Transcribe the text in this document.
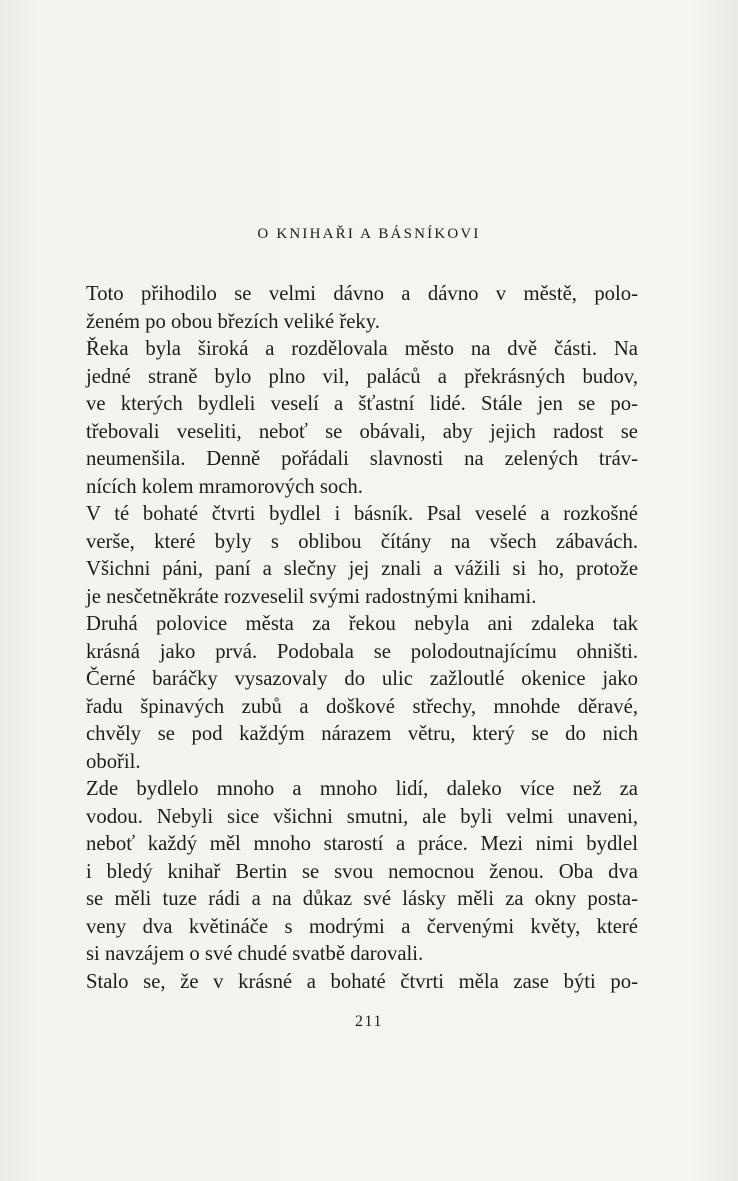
O KNIHAŘI A BÁSNÍKOVI
Toto přihodilo se velmi dávno a dávno v městě, polo-
ženém po obou březích veliké řeky.
Řeka byla široká a rozdělovala město na dvě části. Na
jedné straně bylo plno vil, paláců a překrásných budov,
ve kterých bydleli veselí a šťastní lidé. Stále jen se po-
třebovali veseliti, neboť se obávali, aby jejich radost se
neumenšila. Denně pořádali slavnosti na zelených tráv-
nících kolem mramorových soch.
V té bohaté čtvrti bydlel i básník. Psal veselé a rozkošné
verše, které byly s oblibou čítány na všech zábavách.
Všichni páni, paní a slečny jej znali a vážili si ho, protože
je nesčetněkráte rozveselil svými radostnými knihami.
Druhá polovice města za řekou nebyla ani zdaleka tak
krásná jako prvá. Podobala se polodoutnajícímu ohništi.
Černé baráčky vysazovaly do ulic zažloutlé okenice jako
řadu špinavých zubů a doškové střechy, mnohde děravé,
chvěly se pod každým nárazem větru, který se do nich
obořil.
Zde bydlelo mnoho a mnoho lidí, daleko více než za
vodou. Nebyli sice všichni smutni, ale byli velmi unaveni,
neboť každý měl mnoho starostí a práce. Mezi nimi bydlel
i bledý knihař Bertin se svou nemocnou ženou. Oba dva
se měli tuze rádi a na důkaz své lásky měli za okny posta-
veny dva květináče s modrými a červenými květy, které
si navzájem o své chudé svatbě darovali.
Stalo se, že v krásné a bohaté čtvrti měla zase býti po-
211
